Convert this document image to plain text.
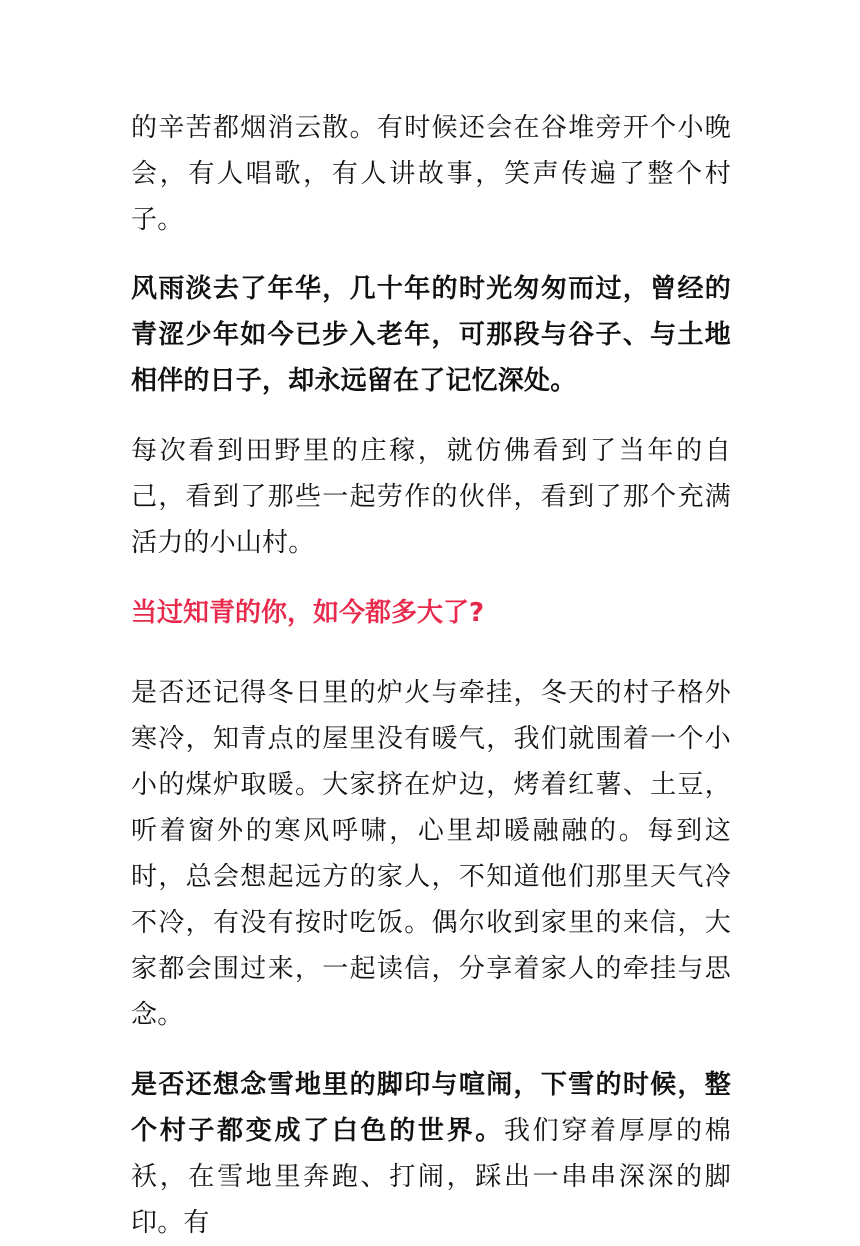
的辛苦都烟消云散。有时候还会在谷堆旁开个小晚会，有人唱歌，有人讲故事，笑声传遍了整个村子。

风雨淡去了年华，几十年的时光匆匆而过，曾经的青涩少年如今已步入老年，可那段与谷子、与土地相伴的日子，却永远留在了记忆深处。

每次看到田野里的庄稼，就仿佛看到了当年的自己，看到了那些一起劳作的伙伴，看到了那个充满活力的小山村。

当过知青的你，如今都多大了?

是否还记得冬日里的炉火与牵挂，冬天的村子格外寒冷，知青点的屋里没有暖气，我们就围着一个小小的煤炉取暖。大家挤在炉边，烤着红薯、土豆，听着窗外的寒风呼啸，心里却暖融融的。每到这时，总会想起远方的家人，不知道他们那里天气冷不冷，有没有按时吃饭。偶尔收到家里的来信，大家都会围过来，一起读信，分享着家人的牵挂与思念。

是否还想念雪地里的脚印与喧闹，下雪的时候，整个村子都变成了白色的世界。我们穿着厚厚的棉袄，在雪地里奔跑、打闹，踩出一串串深深的脚印。有
